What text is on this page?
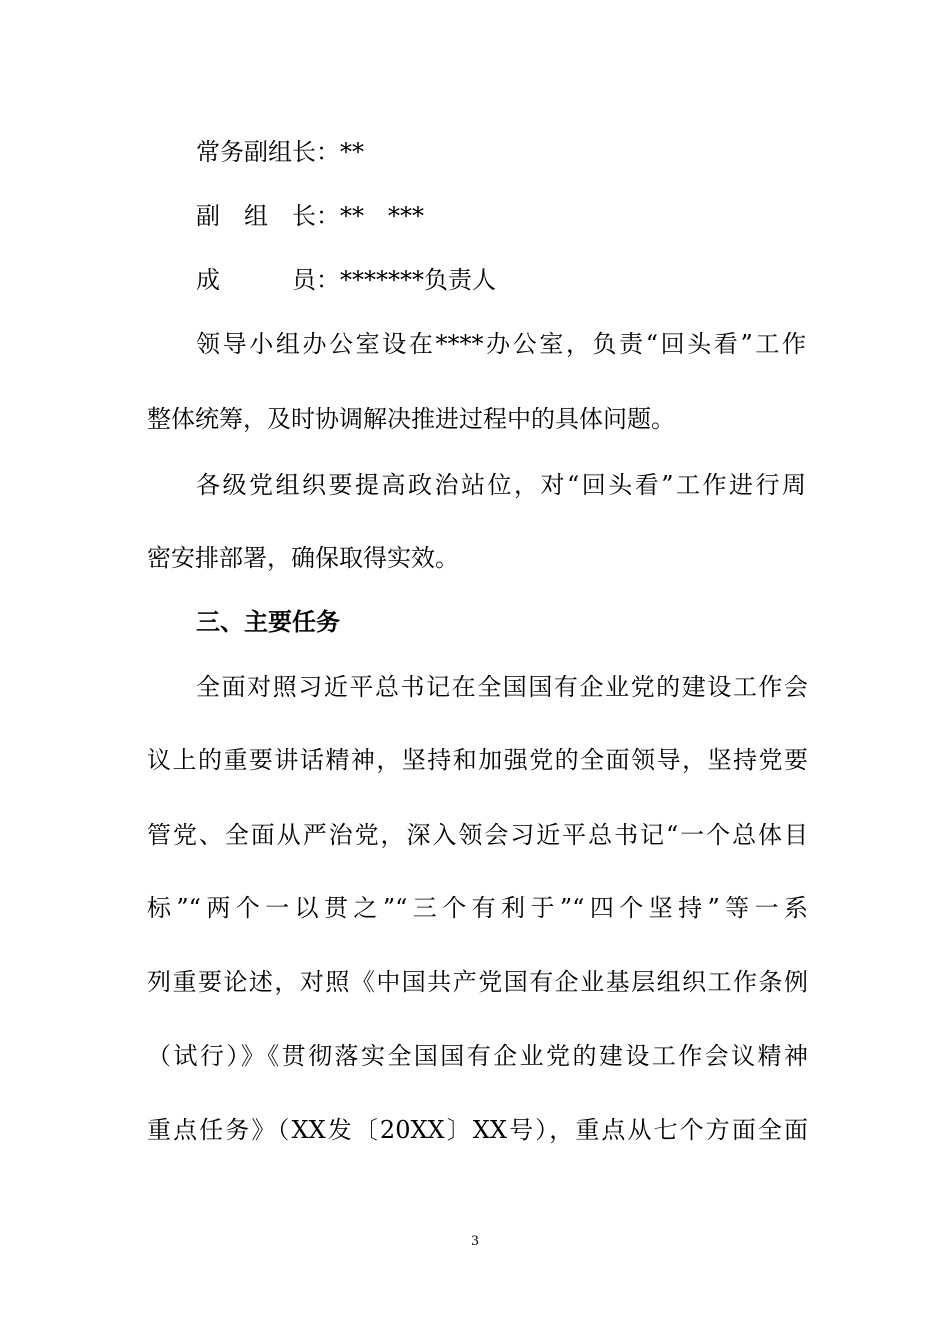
常务副组长：**
副　组　长：**　***
成　　　员：*******负责人
领导小组办公室设在****办公室，负责“回头看”工作
整体统筹，及时协调解决推进过程中的具体问题。
各级党组织要提高政治站位，对“回头看”工作进行周
密安排部署，确保取得实效。
三、主要任务
全面对照习近平总书记在全国国有企业党的建设工作会
议上的重要讲话精神，坚持和加强党的全面领导，坚持党要
管党、全面从严治党，深入领会习近平总书记“一个总体目
标”“两个一以贯之”“三个有利于”“四个坚持”等一系
列重要论述，对照《中国共产党国有企业基层组织工作条例
（试行）》《贯彻落实全国国有企业党的建设工作会议精神
重点任务》（XX发〔20XX〕XX号），重点从七个方面全面
3
